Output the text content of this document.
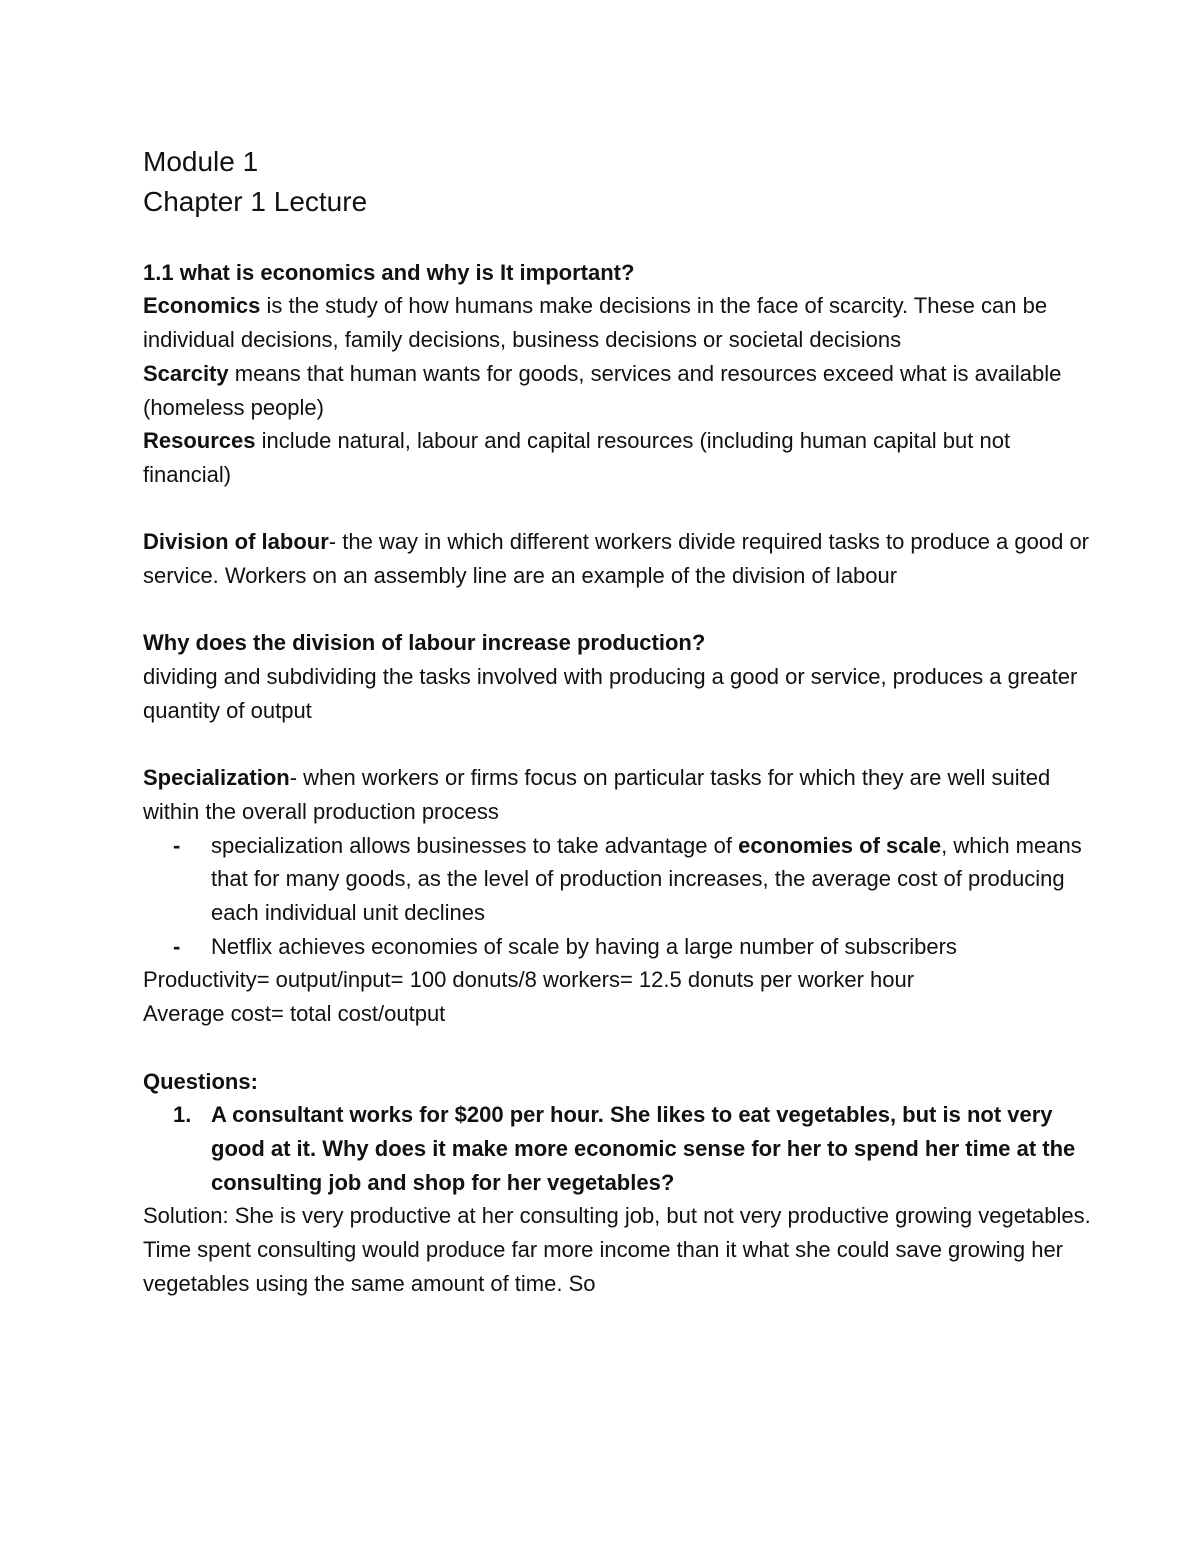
Module 1
Chapter 1 Lecture

1.1 what is economics and why is It important?

Economics is the study of how humans make decisions in the face of scarcity. These can be individual decisions, family decisions, business decisions or societal decisions

Scarcity means that human wants for goods, services and resources exceed what is available (homeless people)

Resources include natural, labour and capital resources (including human capital but not financial)

Division of labour- the way in which different workers divide required tasks to produce a good or service. Workers on an assembly line are an example of the division of labour

Why does the division of labour increase production?

dividing and subdividing the tasks involved with producing a good or service, produces a greater quantity of output

Specialization- when workers or firms focus on particular tasks for which they are well suited within the overall production process

- specialization allows businesses to take advantage of economies of scale, which means that for many goods, as the level of production increases, the average cost of producing each individual unit declines
- Netflix achieves economies of scale by having a large number of subscribers

Productivity= output/input= 100 donuts/8 workers= 12.5 donuts per worker hour

Average cost= total cost/output

Questions:

1. A consultant works for $200 per hour. She likes to eat vegetables, but is not very good at it. Why does it make more economic sense for her to spend her time at the consulting job and shop for her vegetables?

Solution: She is very productive at her consulting job, but not very productive growing vegetables. Time spent consulting would produce far more income than it what she could save growing her vegetables using the same amount of time. So
